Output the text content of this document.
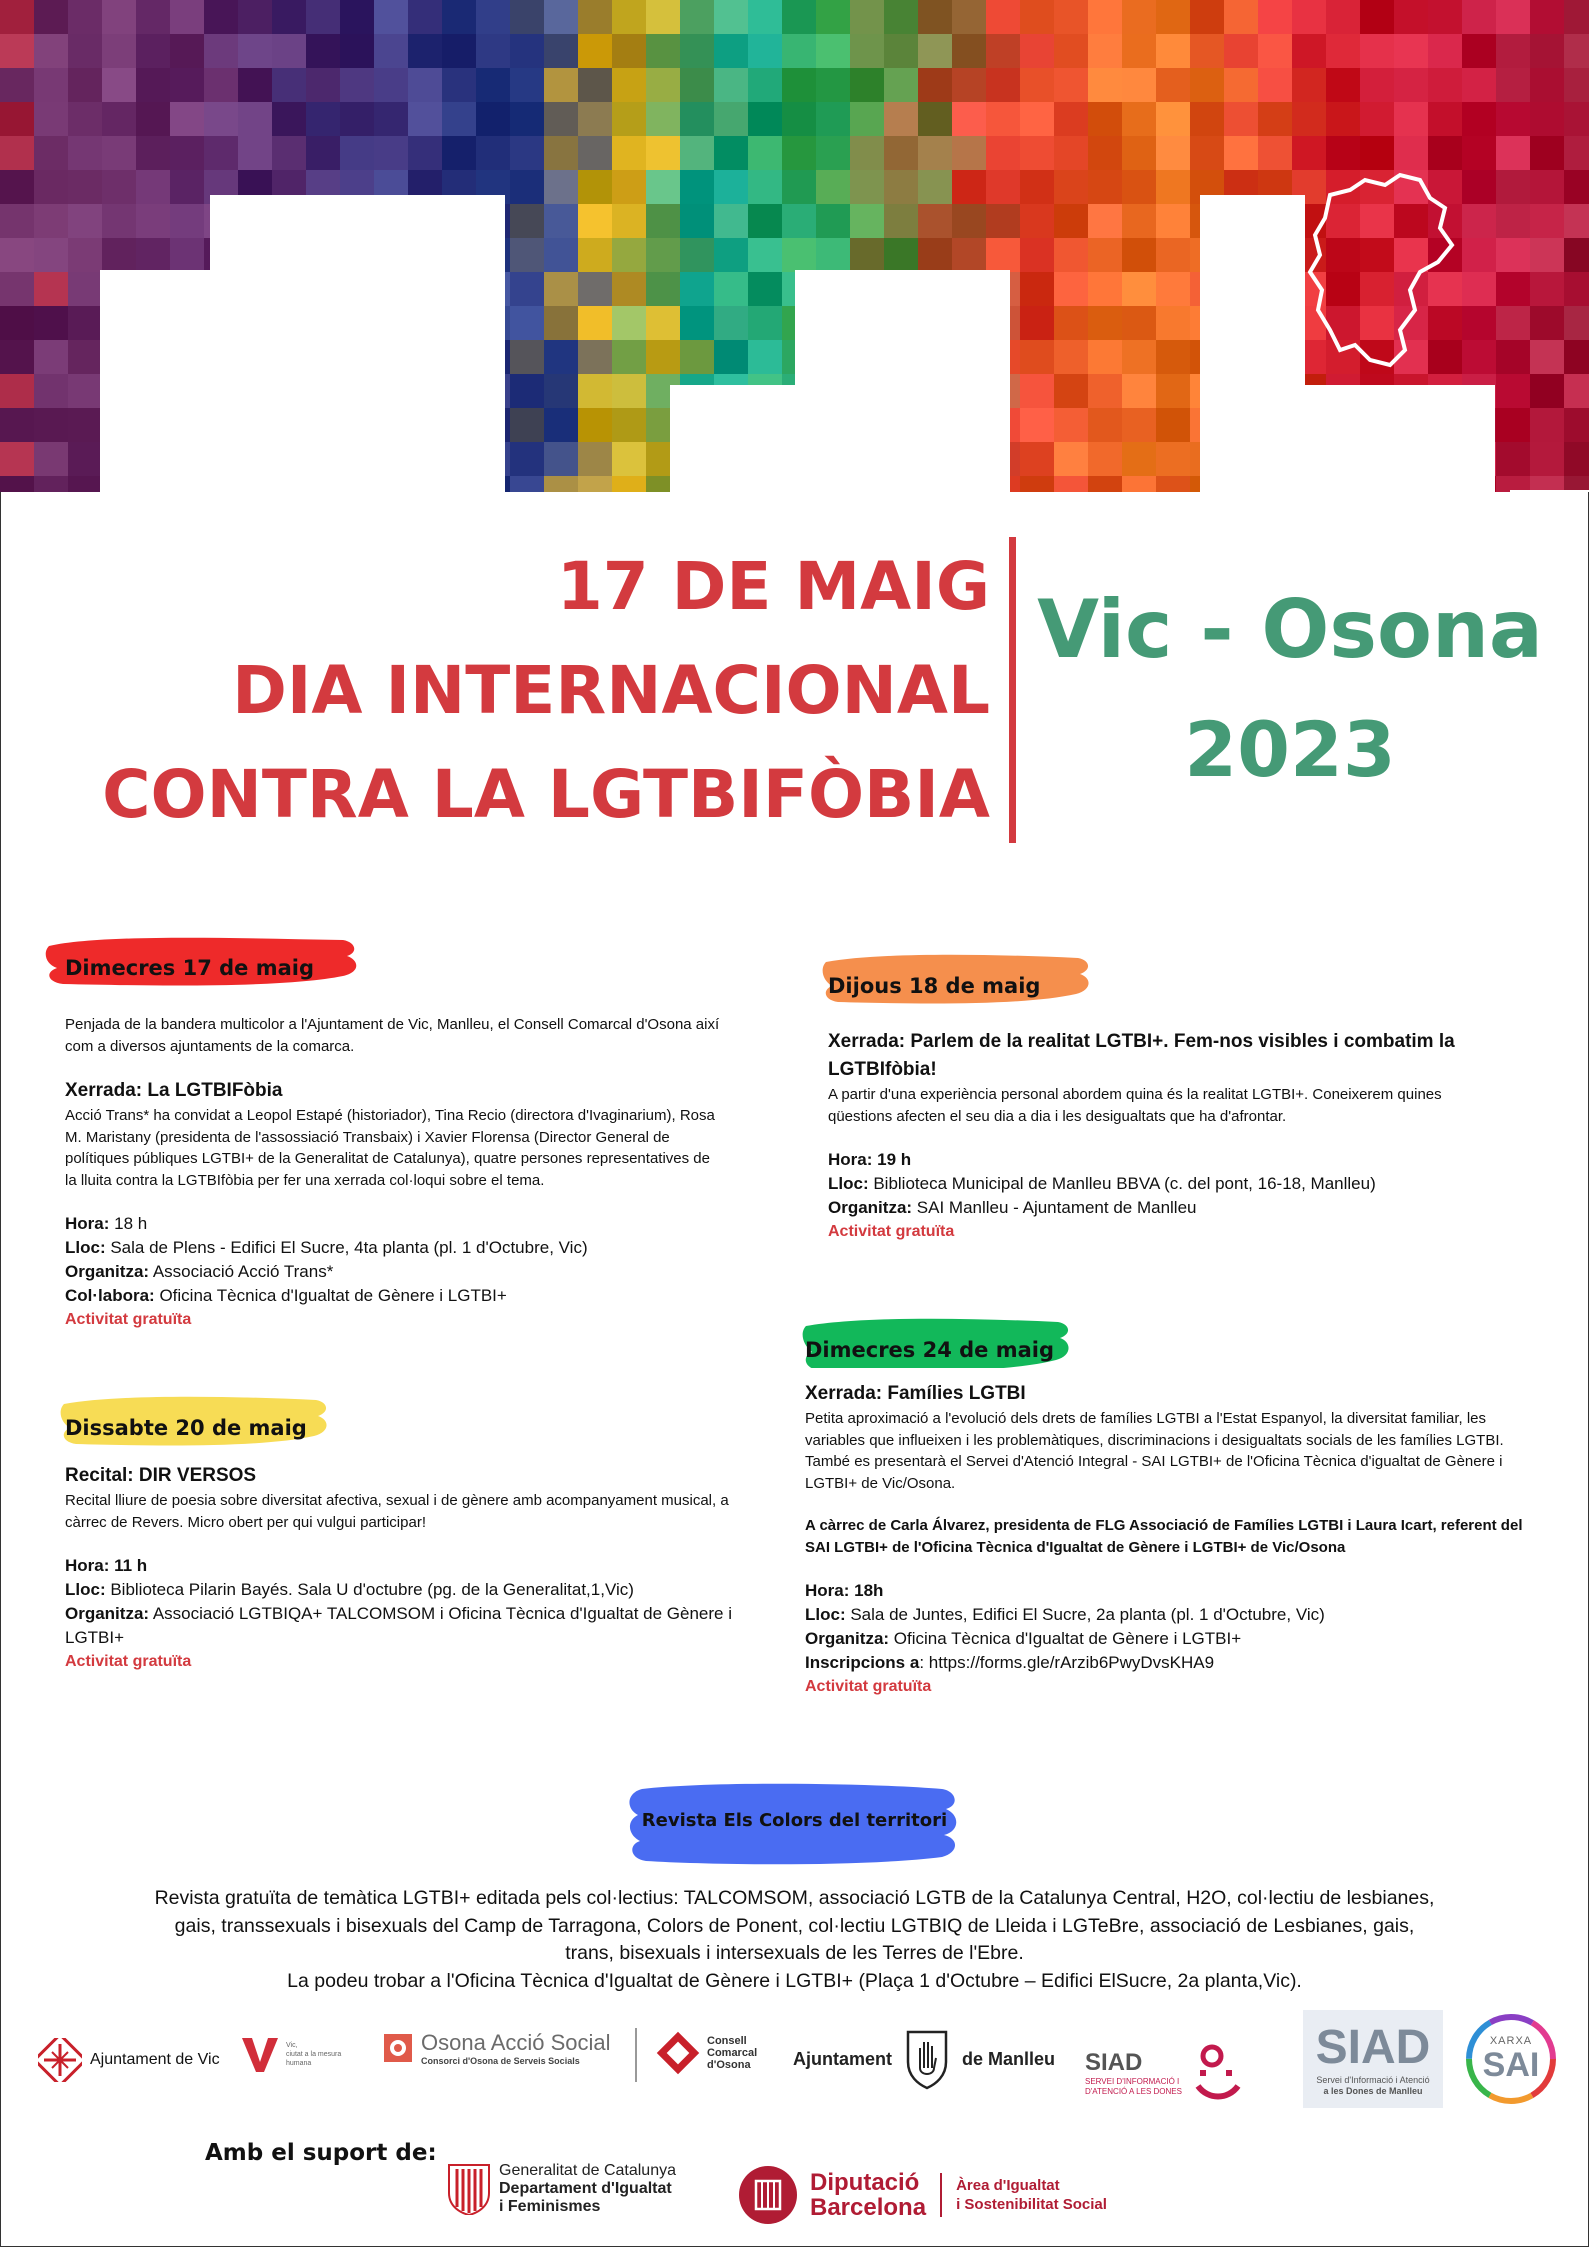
17 DE MAIG
DIA INTERNACIONAL
CONTRA LA LGTBIFÒBIA
Vic - Osona
2023
Dimecres 17 de maig

Penjada de la bandera multicolor a l'Ajuntament de Vic, Manlleu, el Consell Comarcal d'Osona així com a diversos ajuntaments de la comarca.

Xerrada: La LGTBIFòbia

Acció Trans* ha convidat a Leopol Estapé (historiador), Tina Recio (directora d'Ivaginarium), Rosa M. Maristany (presidenta de l'assossiació Transbaix) i Xavier Florensa (Director General de polítiques públiques LGTBI+ de la Generalitat de Catalunya), quatre persones representatives de la lluita contra la LGTBIfòbia per fer una xerrada col·loqui sobre el tema.

Hora: 18 h
Lloc: Sala de Plens - Edifici El Sucre, 4ta planta (pl. 1 d'Octubre, Vic)
Organitza: Associació Acció Trans*
Col·labora: Oficina Tècnica d'Igualtat de Gènere i LGTBI+
Activitat gratuïta
Dissabte 20 de maig
Recital: DIR VERSOS

Recital lliure de poesia sobre diversitat afectiva, sexual i de gènere amb acompanyament musical, a càrrec de Revers. Micro obert per qui vulgui participar!

Hora: 11 h
Lloc: Biblioteca Pilarin Bayés. Sala U d'octubre (pg. de la Generalitat,1,Vic)
Organitza: Associació LGTBIQA+ TALCOMSOM i Oficina Tècnica d'Igualtat de Gènere i LGTBI+
Activitat gratuïta
Dijous 18 de maig
Xerrada: Parlem de la realitat LGTBI+. Fem-nos visibles i combatim la LGTBIfòbia!

A partir d'una experiència personal abordem quina és la realitat LGTBI+. Coneixerem quines qüestions afecten el seu dia a dia i les desigualtats que ha d'afrontar.

Hora: 19 h
Lloc: Biblioteca Municipal de Manlleu BBVA (c. del pont, 16-18, Manlleu)
Organitza: SAI Manlleu - Ajuntament de Manlleu
Activitat gratuïta
Dimecres 24 de maig
Xerrada: Famílies LGTBI

Petita aproximació a l'evolució dels drets de famílies LGTBI a l'Estat Espanyol, la diversitat familiar, les variables que influeixen i les problemàtiques, discriminacions i desigualtats socials de les famílies LGTBI. També es presentarà el Servei d'Atenció Integral - SAI LGTBI+ de l'Oficina Tècnica d'igualtat de Gènere i LGTBI+ de Vic/Osona.

A càrrec de Carla Álvarez, presidenta de FLG Associació de Famílies LGTBI i Laura Icart, referent del SAI LGTBI+ de l'Oficina Tècnica d'Igualtat de Gènere i LGTBI+ de Vic/Osona

Hora: 18h
Lloc: Sala de Juntes, Edifici El Sucre, 2a planta (pl. 1 d'Octubre, Vic)
Organitza: Oficina Tècnica d'Igualtat de Gènere i LGTBI+
Inscripcions a: https://forms.gle/rArzib6PwyDvsKHA9
Activitat gratuïta
Revista Els Colors del territori
Revista gratuïta de temàtica LGTBI+ editada pels col·lectius: TALCOMSOM, associació LGTB de la Catalunya Central, H2O, col·lectiu de lesbianes, gais, transsexuals i bisexuals del Camp de Tarragona, Colors de Ponent, col·lectiu LGTBIQ de Lleida i LGTeBre, associació de Lesbianes, gais, trans, bisexuals i intersexuals de les Terres de l'Ebre.
La podeu trobar a l'Oficina Tècnica d'Igualtat de Gènere i LGTBI+ (Plaça 1 d'Octubre – Edifici ElSucre, 2a planta,Vic).
Ajuntament de Vic
Vic,
ciutat a la mesura humana
Osona Acció Social
Consorci d'Osona de Serveis Socials
Consell
Comarcal
d'Osona	Ajuntament	de Manlleu SIAD
SERVEI D'INFORMACIÓ I
D'ATENCIÓ A LES DONES
SIAD
Servei d'Informació i Atenció
a les Dones de Manlleu
XARXA
SAI
Amb el suport de:
Generalitat de Catalunya
Departament d'Igualtat
i Feminismes
Diputació
Barcelona
Àrea d'Igualtat
i Sostenibilitat Social
